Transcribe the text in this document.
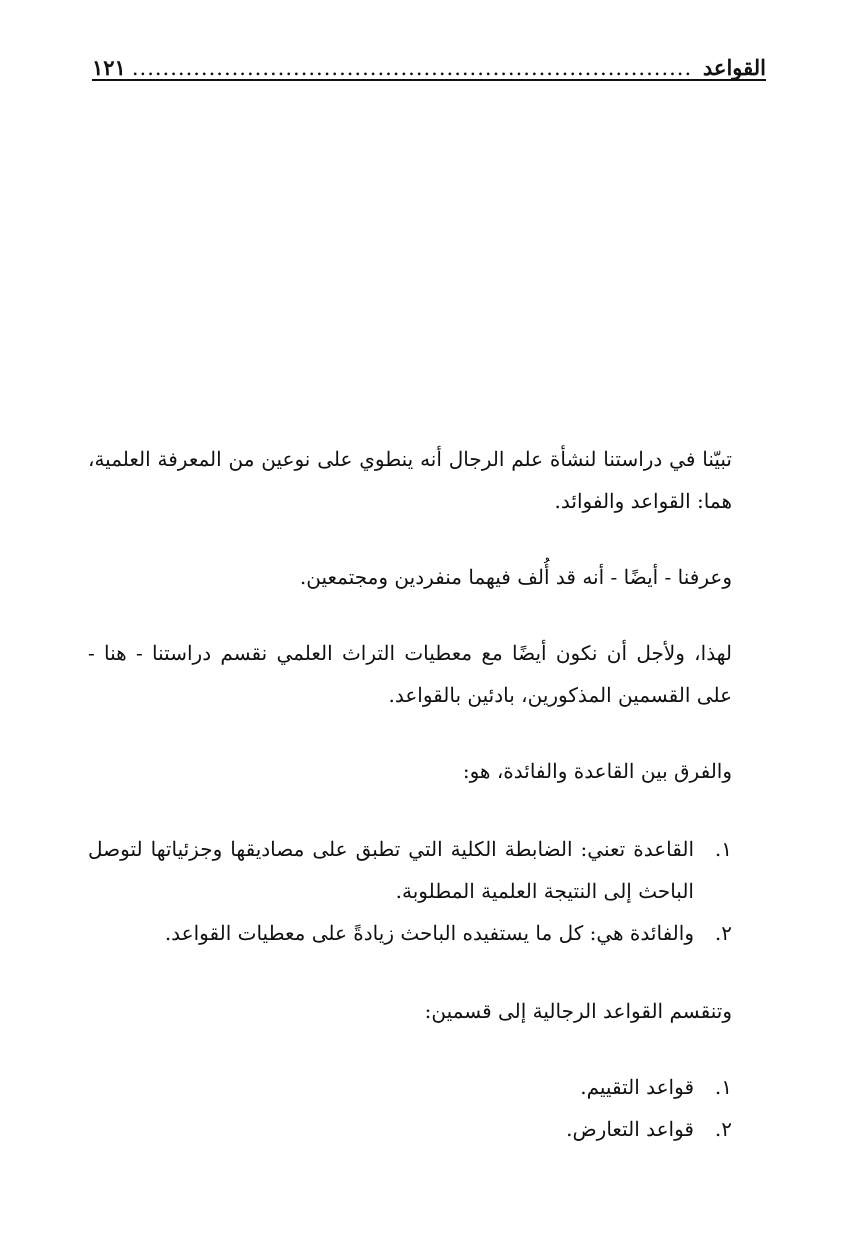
القواعد
.........................................................................
١٢١

تبيّنا في دراستنا لنشأة علم الرجال أنه ينطوي على نوعين من المعرفة العلمية، هما: القواعد والفوائد.

وعرفنا - أيضًا - أنه قد أُلف فيهما منفردين ومجتمعين.

لهذا، ولأجل أن نكون أيضًا مع معطيات التراث العلمي نقسم دراستنا - هنا - على القسمين المذكورين، بادئين بالقواعد.

والفرق بين القاعدة والفائدة، هو:

١.
القاعدة تعني: الضابطة الكلية التي تطبق على مصاديقها وجزئياتها لتوصل الباحث إلى النتيجة العلمية المطلوبة.
٢.
والفائدة هي: كل ما يستفيده الباحث زيادةً على معطيات القواعد.

وتنقسم القواعد الرجالية إلى قسمين:

١.
قواعد التقييم.
٢.
قواعد التعارض.
